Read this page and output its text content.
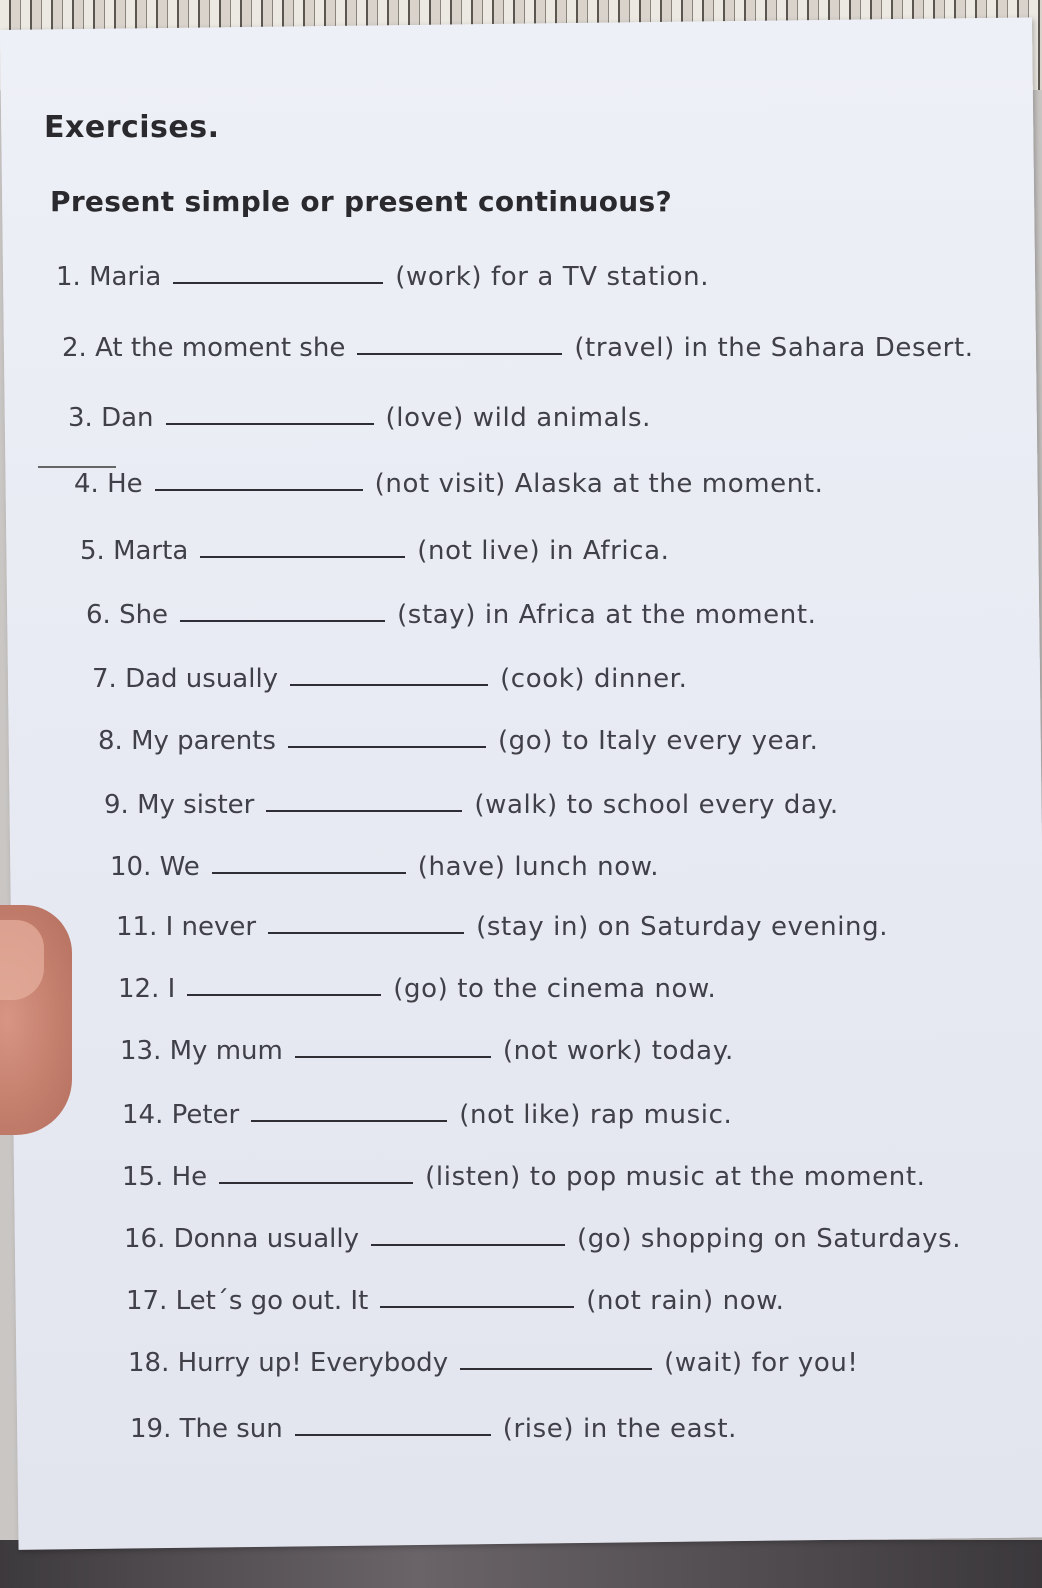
Exercises.
Present simple or present continuous?
1. Maria	(work) for a TV station.
2. At the moment she	(travel) in the Sahara Desert.
3. Dan	(love) wild animals.
4. He	(not visit) Alaska at the moment.
5. Marta	(not live) in Africa.
6. She	(stay) in Africa at the moment.
7. Dad usually	(cook) dinner.
8. My parents	(go) to Italy every year.
9. My sister	(walk) to school every day.
10. We	(have) lunch now.
11. I never	(stay in) on Saturday evening.
12. I	(go) to the cinema now.
13. My mum	(not work) today.
14. Peter	(not like) rap music.
15. He	(listen) to pop music at the moment.
16. Donna usually	(go) shopping on Saturdays.
17. Let´s go out. It	(not rain) now.
18. Hurry up! Everybody	(wait) for you!
19. The sun	(rise) in the east.
